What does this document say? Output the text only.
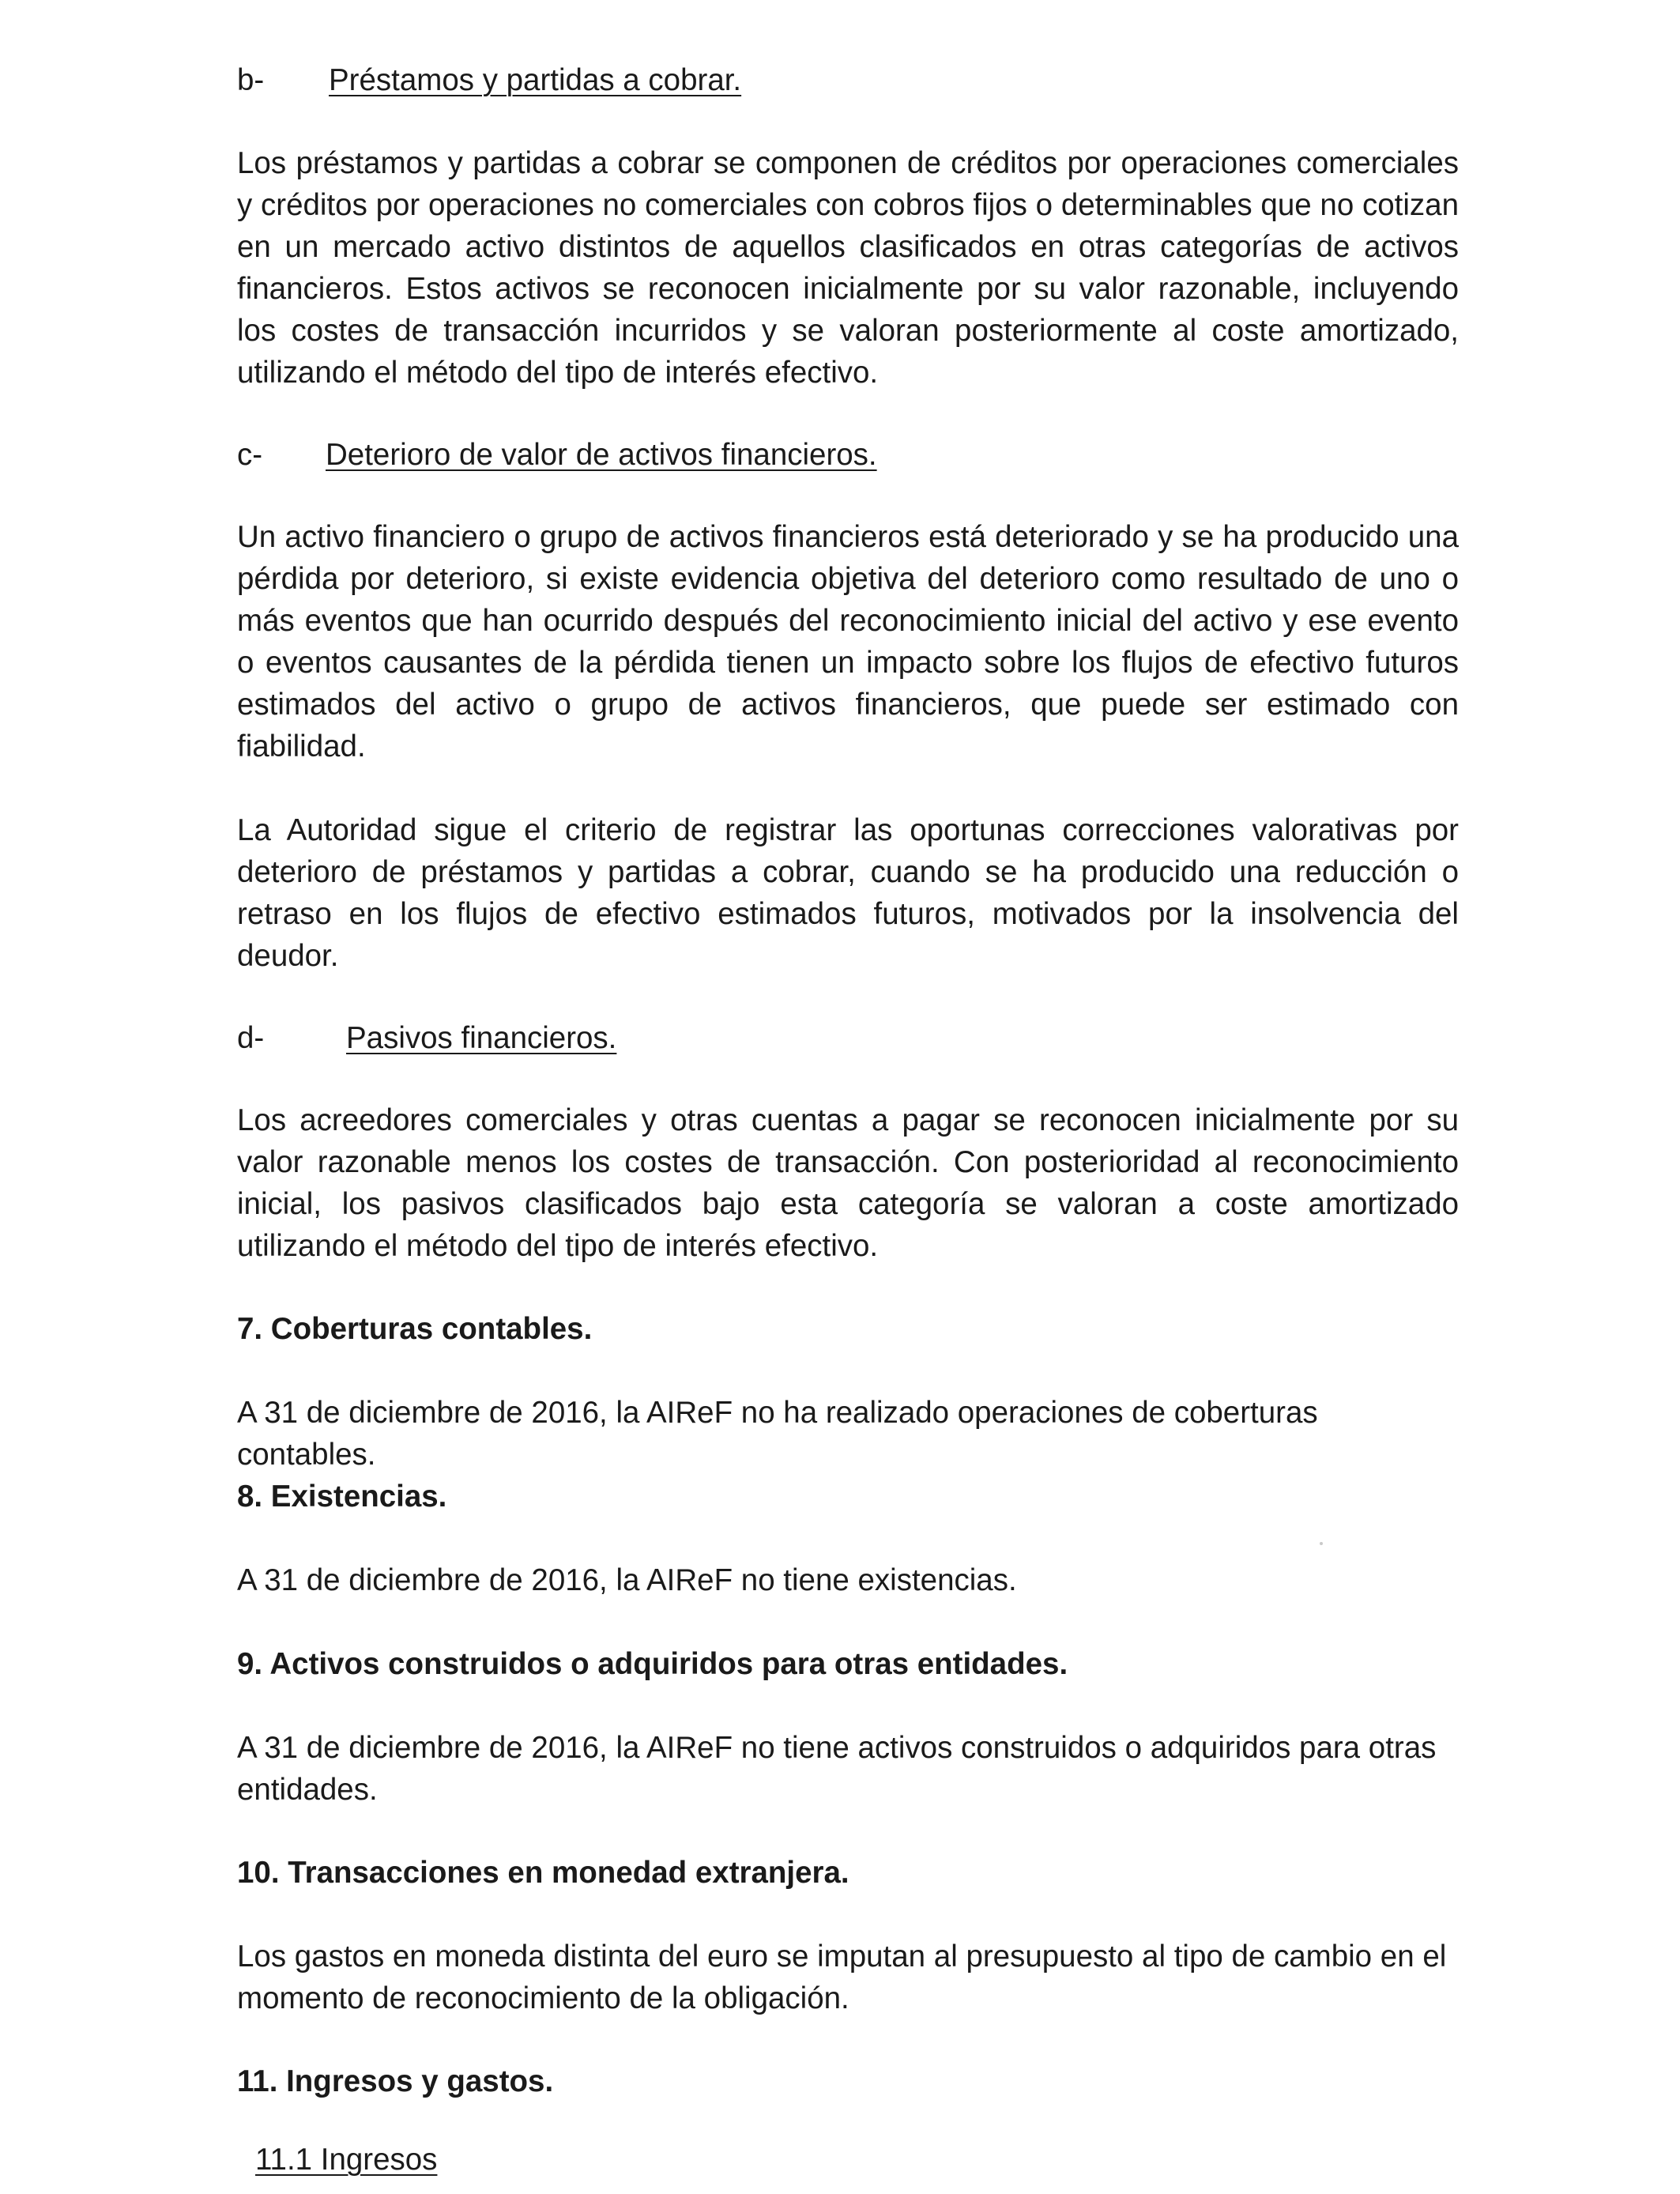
b- Préstamos y partidas a cobrar.

Los préstamos y partidas a cobrar se componen de créditos por operaciones comerciales y créditos por operaciones no comerciales con cobros fijos o determinables que no cotizan en un mercado activo distintos de aquellos clasificados en otras categorías de activos financieros. Estos activos se reconocen inicialmente por su valor razonable, incluyendo los costes de transacción incurridos y se valoran posteriormente al coste amortizado, utilizando el método del tipo de interés efectivo.

c- Deterioro de valor de activos financieros.

Un activo financiero o grupo de activos financieros está deteriorado y se ha producido una pérdida por deterioro, si existe evidencia objetiva del deterioro como resultado de uno o más eventos que han ocurrido después del reconocimiento inicial del activo y ese evento o eventos causantes de la pérdida tienen un impacto sobre los flujos de efectivo futuros estimados del activo o grupo de activos financieros, que puede ser estimado con fiabilidad.

La Autoridad sigue el criterio de registrar las oportunas correcciones valorativas por deterioro de préstamos y partidas a cobrar, cuando se ha producido una reducción o retraso en los flujos de efectivo estimados futuros, motivados por la insolvencia del deudor.

d-	Pasivos financieros.

Los acreedores comerciales y otras cuentas a pagar se reconocen inicialmente por su valor razonable menos los costes de transacción. Con posterioridad al reconocimiento inicial, los pasivos clasificados bajo esta categoría se valoran a coste amortizado utilizando el método del tipo de interés efectivo.

7. Coberturas contables.

A 31 de diciembre de 2016, la AIReF no ha realizado operaciones de coberturas contables.

8. Existencias.

A 31 de diciembre de 2016, la AIReF no tiene existencias.

9. Activos construidos o adquiridos para otras entidades.

A 31 de diciembre de 2016, la AIReF no tiene activos construidos o adquiridos para otras entidades.

10. Transacciones en monedad extranjera.

Los gastos en moneda distinta del euro se imputan al presupuesto al tipo de cambio en el momento de reconocimiento de la obligación.

11. Ingresos y gastos.
11.1 Ingresos
